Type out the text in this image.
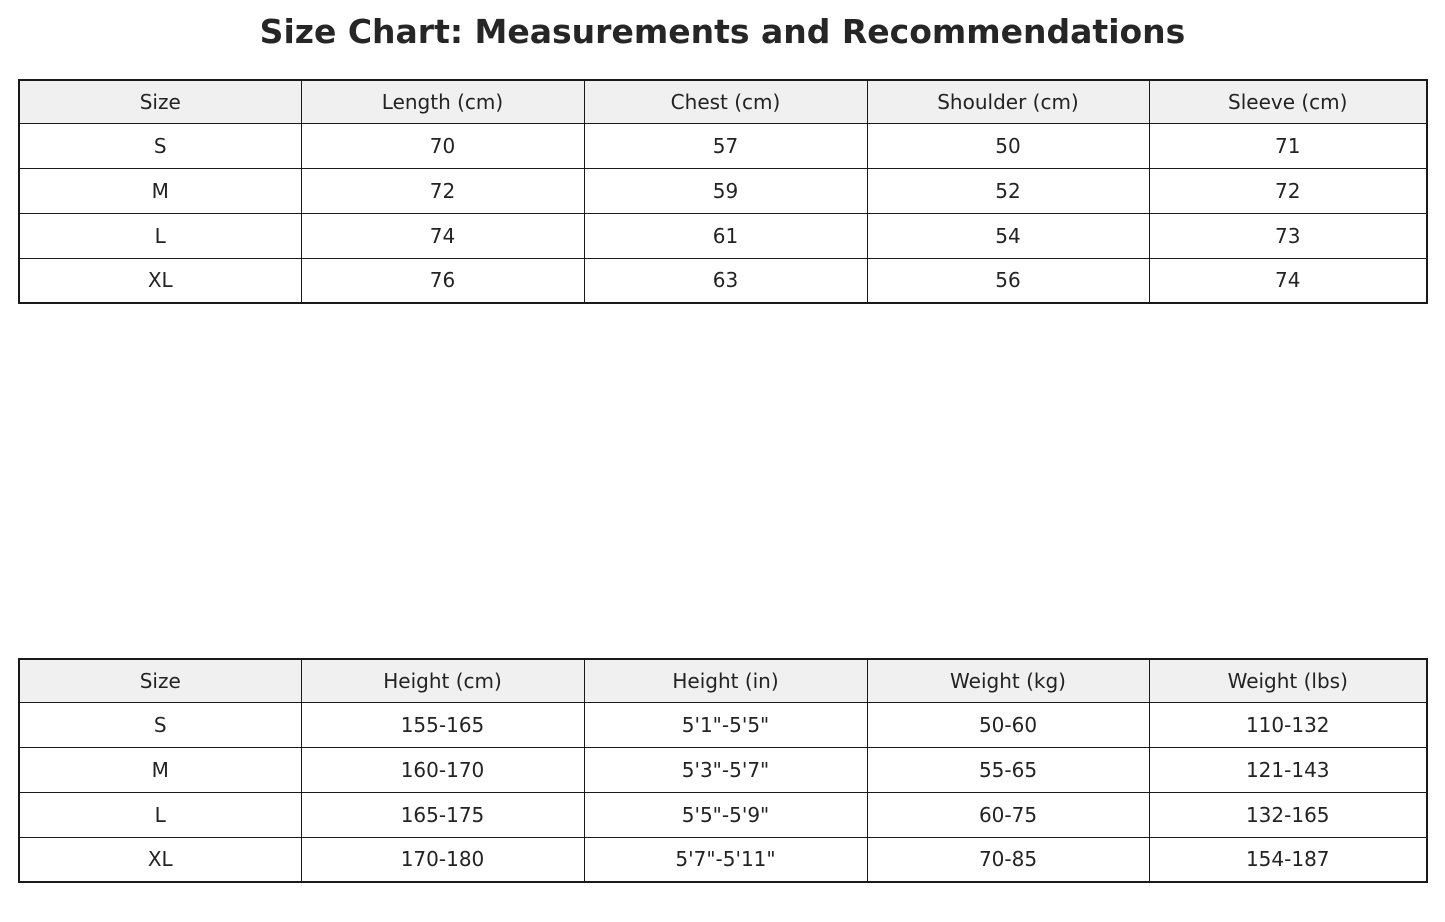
Size Chart: Measurements and Recommendations
Size	Length (cm)	Chest (cm)	Shoulder (cm)	Sleeve (cm)
S	70	57	50	71
M	72	59	52	72
L	74	61	54	73
XL	76	63	56	74
Size	Height (cm)	Height (in)	Weight (kg)	Weight (lbs)
S	155-165	5'1"-5'5"	50-60	110-132
M	160-170	5'3"-5'7"	55-65	121-143
L	165-175	5'5"-5'9"	60-75	132-165
XL	170-180	5'7"-5'11"	70-85	154-187
